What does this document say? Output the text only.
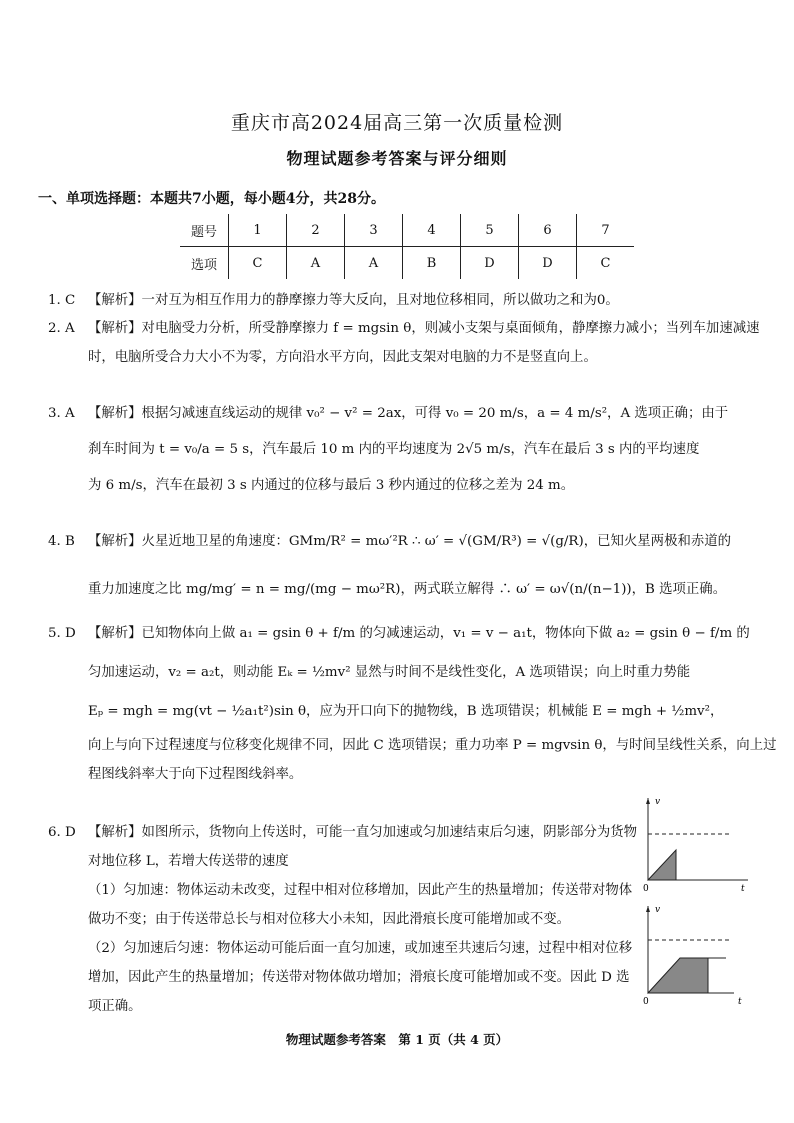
重庆市高2024届高三第一次质量检测
物理试题参考答案与评分细则
一、单项选择题：本题共7小题，每小题4分，共28分。
题号	1	2	3	4	5	6	7
选项	C	A	A	B	D	D	C
1. C 【解析】一对互为相互作用力的静摩擦力等大反向，且对地位移相同，所以做功之和为0。
2. A 【解析】对电脑受力分析，所受静摩擦力 f = mgsin θ，则减小支架与桌面倾角，静摩擦力减小；当列车加速减速时，电脑所受合力大小不为零，方向沿水平方向，因此支架对电脑的力不是竖直向上。
3. A 【解析】根据匀减速直线运动的规律 v₀² − v² = 2ax，可得 v₀ = 20 m/s，a = 4 m/s²，A 选项正确；由于
刹车时间为 t = v₀/a = 5 s，汽车最后 10 m 内的平均速度为 2√5 m/s，汽车在最后 3 s 内的平均速度
为 6 m/s，汽车在最初 3 s 内通过的位移与最后 3 秒内通过的位移之差为 24 m。
4. B 【解析】火星近地卫星的角速度：GMm/R² = mω′²R ∴ ω′ = √(GM/R³) = √(g/R)，已知火星两极和赤道的
重力加速度之比 mg/mg′ = n = mg/(mg − mω²R)，两式联立解得 ∴ ω′ = ω√(n/(n−1))，B 选项正确。
5. D 【解析】已知物体向上做 a₁ = gsin θ + f/m 的匀减速运动，v₁ = v − a₁t，物体向下做 a₂ = gsin θ − f/m 的
匀加速运动，v₂ = a₂t，则动能 Eₖ = ½mv² 显然与时间不是线性变化，A 选项错误；向上时重力势能
Eₚ = mgh = mg(vt − ½a₁t²)sin θ，应为开口向下的抛物线，B 选项错误；机械能 E = mgh + ½mv²，
向上与向下过程速度与位移变化规律不同，因此 C 选项错误；重力功率 P = mgvsin θ，与时间呈线性关系，向上过程图线斜率大于向下过程图线斜率。
6. D 【解析】如图所示，货物向上传送时，可能一直匀加速或匀加速结束后匀速，阴影部分为货物对地位移 L，若增大传送带的速度
（1）匀加速：物体运动未改变，过程中相对位移增加，因此产生的热量增加；传送带对物体做功不变；由于传送带总长与相对位移大小未知，因此滑痕长度可能增加或不变。
（2）匀加速后匀速：物体运动可能后面一直匀加速，或加速至共速后匀速，过程中相对位移增加，因此产生的热量增加；传送带对物体做功增加；滑痕长度可能增加或不变。因此 D 选项正确。
v
t
0
v
t
0
物理试题参考答案　第 1 页（共 4 页）
